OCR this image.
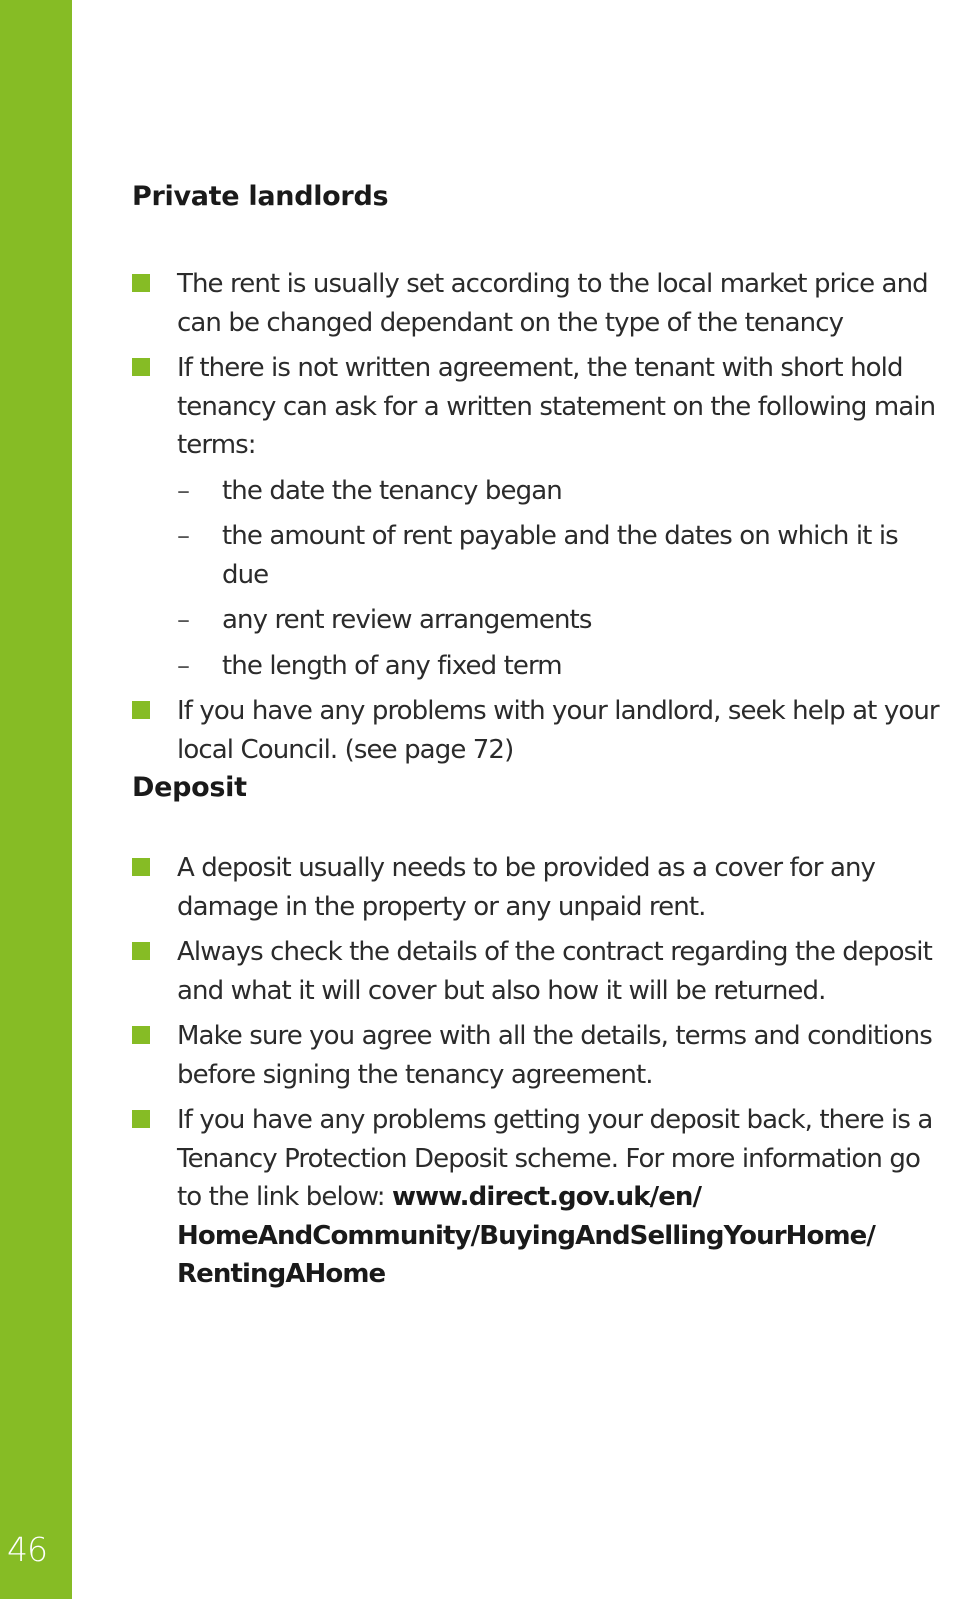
46
Private landlords
The rent is usually set according to the local market price and can be changed dependant on the type of the tenancy
If there is not written agreement, the tenant with short hold tenancy can ask for a written statement on the following main terms:
– the date the tenancy began
– the amount of rent payable and the dates on which it is due
– any rent review arrangements
– the length of any fixed term
If you have any problems with your landlord, seek help at your local Council. (see page 72)
Deposit
A deposit usually needs to be provided as a cover for any damage in the property or any unpaid rent.
Always check the details of the contract regarding the deposit and what it will cover but also how it will be returned.
Make sure you agree with all the details, terms and conditions before signing the tenancy agreement.
If you have any problems getting your deposit back, there is a Tenancy Protection Deposit scheme. For more information go to the link below: www.direct.gov.uk/en/HomeAndCommunity/BuyingAndSellingYourHome/RentingAHome
